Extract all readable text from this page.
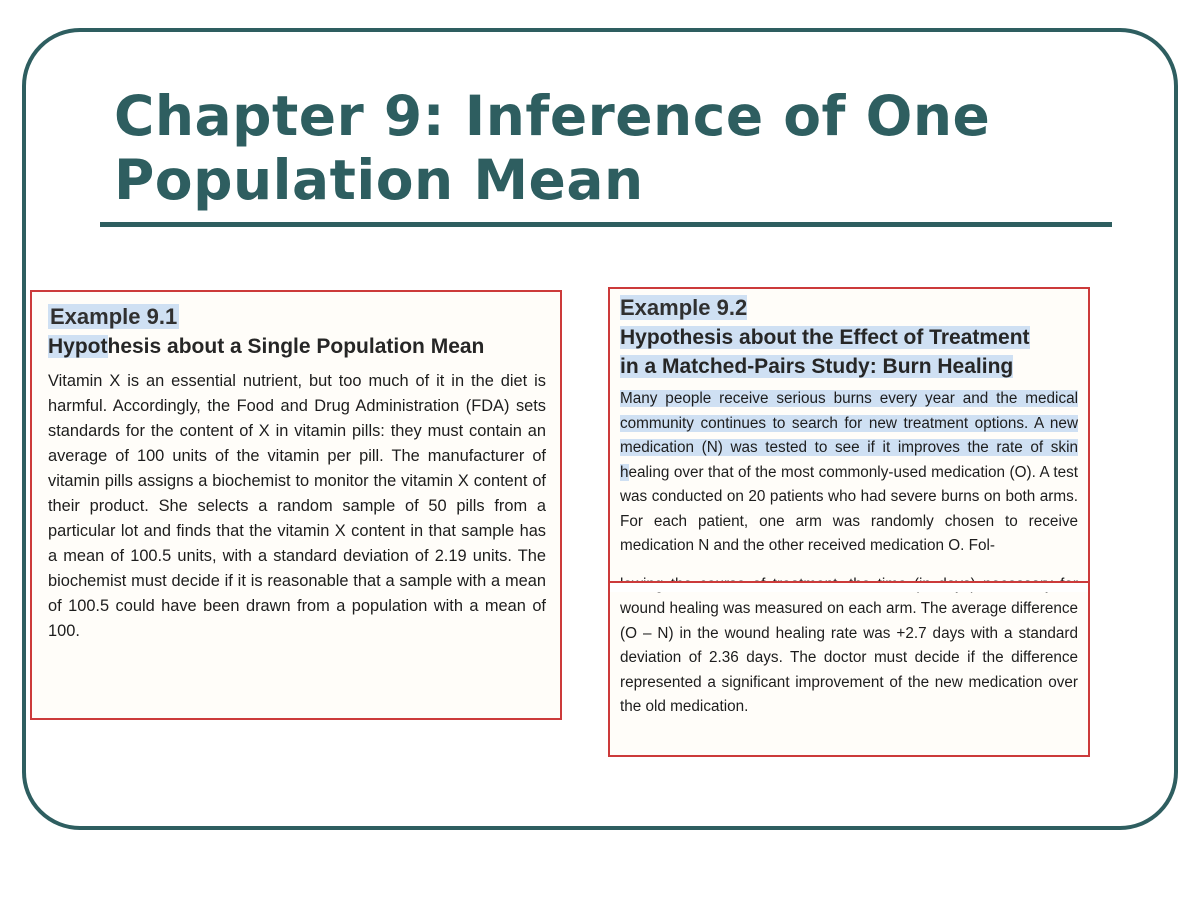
Chapter 9: Inference of One Population Mean
Example 9.1
Hypothesis about a Single Population Mean
Vitamin X is an essential nutrient, but too much of it in the diet is harmful. Accordingly, the Food and Drug Administration (FDA) sets standards for the content of X in vitamin pills: they must contain an average of 100 units of the vitamin per pill. The manufacturer of vitamin pills assigns a biochemist to monitor the vitamin X content of their product. She selects a random sample of 50 pills from a particular lot and finds that the vitamin X content in that sample has a mean of 100.5 units, with a standard deviation of 2.19 units. The biochemist must decide if it is reasonable that a sample with a mean of 100.5 could have been drawn from a population with a mean of 100.
Example 9.2
Hypothesis about the Effect of Treatment
in a Matched-Pairs Study: Burn Healing
Many people receive serious burns every year and the medical community continues to search for new treatment options. A new medication (N) was tested to see if it improves the rate of skin healing over that of the most commonly-used medication (O). A test was conducted on 20 patients who had severe burns on both arms. For each patient, one arm was randomly chosen to receive medication N and the other received medication O. Fol-
wound healing was measured on each arm. The average difference (O – N) in the wound healing rate was +2.7 days with a standard deviation of 2.36 days. The doctor must decide if the difference represented a significant improvement of the new medication over the old medication.
